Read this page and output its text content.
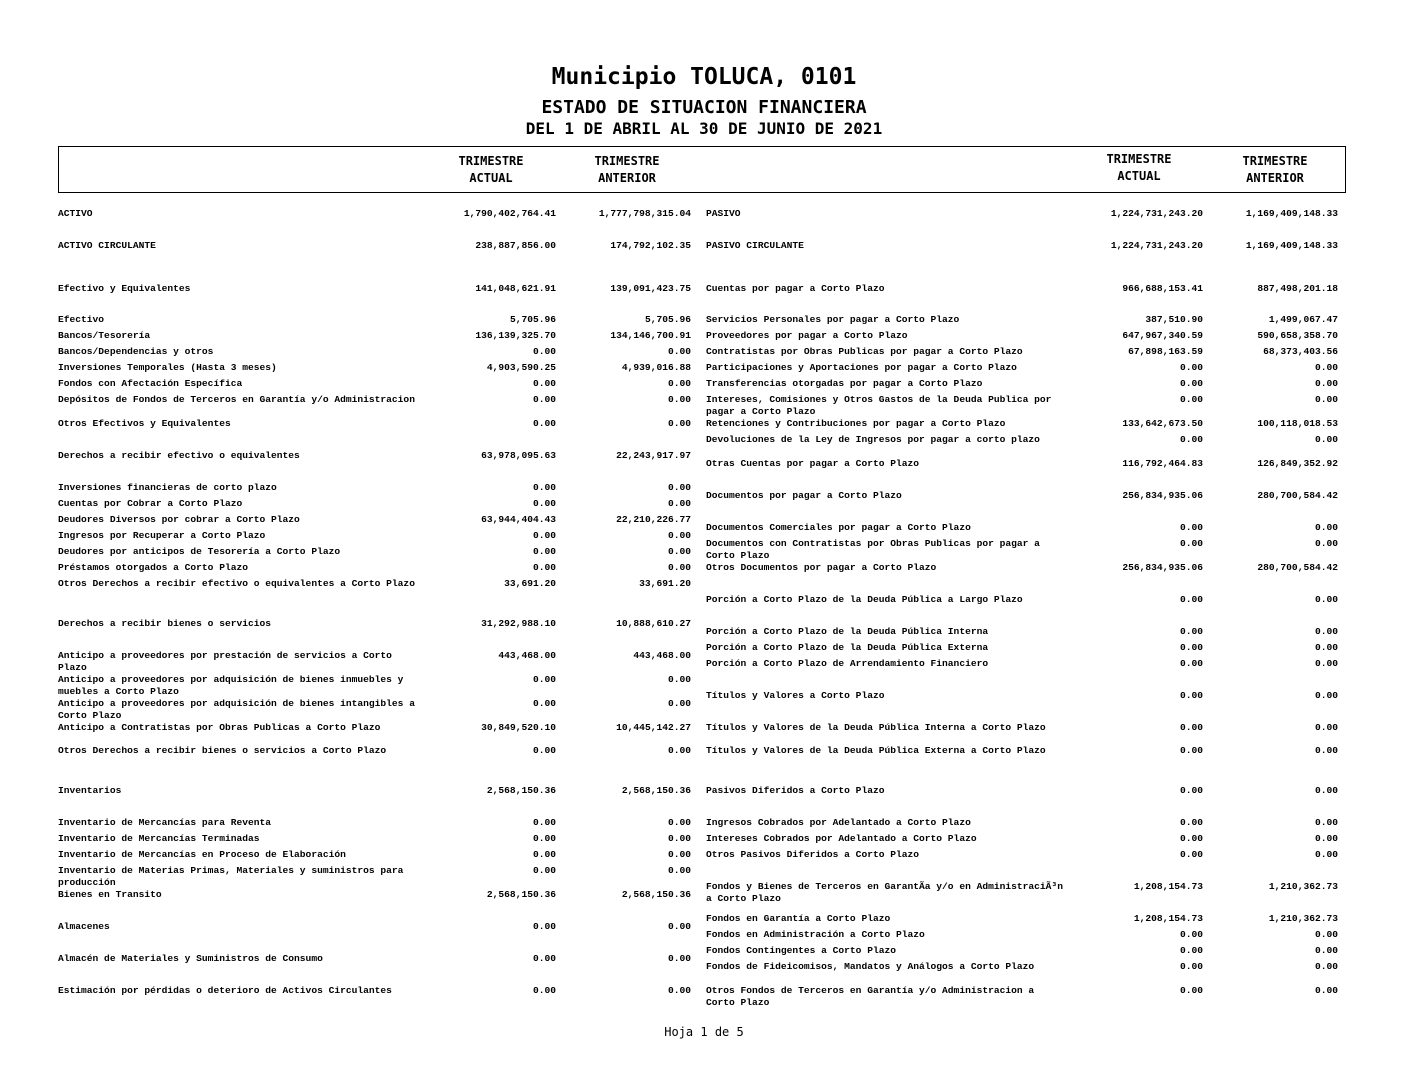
Municipio TOLUCA, 0101
ESTADO DE SITUACION FINANCIERA
DEL 1 DE ABRIL AL 30 DE JUNIO DE 2021
TRIMESTRE
ACTUAL
TRIMESTRE
ANTERIOR
TRIMESTRE
ACTUAL
TRIMESTRE
ANTERIOR
ACTIVO	1,790,402,764.41	1,777,798,315.04
ACTIVO CIRCULANTE	238,887,856.00	174,792,102.35
Efectivo y Equivalentes	141,048,621.91	139,091,423.75
Efectivo	5,705.96	5,705.96
Bancos/Tesorería	136,139,325.70	134,146,700.91
Bancos/Dependencias y otros	0.00	0.00
Inversiones Temporales (Hasta 3 meses)	4,903,590.25	4,939,016.88
Fondos con Afectación Específica	0.00	0.00
Depósitos de Fondos de Terceros en Garantía y/o Administracion	0.00	0.00
Otros Efectivos y Equivalentes	0.00	0.00
Derechos a recibir efectivo o equivalentes	63,978,095.63	22,243,917.97
Inversiones financieras de corto plazo	0.00	0.00
Cuentas por Cobrar a Corto Plazo	0.00	0.00
Deudores Diversos por cobrar a Corto Plazo	63,944,404.43	22,210,226.77
Ingresos por Recuperar a Corto Plazo	0.00	0.00
Deudores por anticipos de Tesorería a Corto Plazo	0.00	0.00
Préstamos otorgados a Corto Plazo	0.00	0.00
Otros Derechos a recibir efectivo o equivalentes a Corto Plazo	33,691.20	33,691.20
Derechos a recibir bienes o servicios	31,292,988.10	10,888,610.27
Anticipo a proveedores por prestación de servicios a Corto Plazo
443,468.00	443,468.00
Anticipo a proveedores por adquisición de bienes inmuebles y muebles a Corto Plazo
0.00	0.00
Anticipo a proveedores por adquisición de bienes intangibles a Corto Plazo
0.00	0.00
Anticipo a Contratistas por Obras Publicas a Corto Plazo	30,849,520.10	10,445,142.27
Otros Derechos a recibir bienes o servicios a Corto Plazo	0.00	0.00
Inventarios	2,568,150.36	2,568,150.36
Inventario de Mercancías para Reventa	0.00	0.00
Inventario de Mercancías Terminadas	0.00	0.00
Inventario de Mercancías en Proceso de Elaboración	0.00	0.00
Inventario de Materias Primas, Materiales y suministros para producción
0.00	0.00
Bienes en Transito	2,568,150.36	2,568,150.36
Almacenes	0.00	0.00
Almacén de Materiales y Suministros de Consumo	0.00	0.00
Estimación por pérdidas o deterioro de Activos Circulantes	0.00	0.00
PASIVO	1,224,731,243.20	1,169,409,148.33
PASIVO CIRCULANTE	1,224,731,243.20	1,169,409,148.33
Cuentas por pagar a Corto Plazo	966,688,153.41	887,498,201.18
Servicios Personales por pagar a Corto Plazo	387,510.90	1,499,067.47
Proveedores por pagar a Corto Plazo	647,967,340.59	590,658,358.70
Contratistas por Obras Publicas por pagar a Corto Plazo	67,898,163.59	68,373,403.56
Participaciones y Aportaciones por pagar a Corto Plazo	0.00	0.00
Transferencias otorgadas por pagar a Corto Plazo	0.00	0.00
Intereses, Comisiones y Otros Gastos de la Deuda Publica por pagar a Corto Plazo
0.00	0.00
Retenciones y Contribuciones por pagar a Corto Plazo	133,642,673.50	100,118,018.53
Devoluciones de la Ley de Ingresos por pagar a corto plazo	0.00	0.00
Otras Cuentas por pagar a Corto Plazo	116,792,464.83	126,849,352.92
Documentos por pagar a Corto Plazo	256,834,935.06	280,700,584.42
Documentos Comerciales por pagar a Corto Plazo	0.00	0.00
Documentos con Contratistas por Obras Publicas por pagar a Corto Plazo
0.00	0.00
Otros Documentos por pagar a Corto Plazo	256,834,935.06	280,700,584.42
Porción a Corto Plazo de la Deuda Pública a Largo Plazo	0.00	0.00
Porción a Corto Plazo de la Deuda Pública Interna	0.00	0.00
Porción a Corto Plazo de la Deuda Pública Externa	0.00	0.00
Porción a Corto Plazo de Arrendamiento Financiero	0.00	0.00
Títulos y Valores a Corto Plazo	0.00	0.00
Títulos y Valores de la Deuda Pública Interna a Corto Plazo	0.00	0.00
Títulos y Valores de la Deuda Pública Externa a Corto Plazo	0.00	0.00
Pasivos Diferidos a Corto Plazo	0.00	0.00
Ingresos Cobrados por Adelantado a Corto Plazo	0.00	0.00
Intereses Cobrados por Adelantado a Corto Plazo	0.00	0.00
Otros Pasivos Diferidos a Corto Plazo	0.00	0.00
Fondos y Bienes de Terceros en GarantÃa y/o en AdministraciÃ³n a Corto Plazo
1,208,154.73	1,210,362.73
Fondos en Garantía a Corto Plazo	1,208,154.73	1,210,362.73
Fondos en Administración a Corto Plazo	0.00	0.00
Fondos Contingentes a Corto Plazo	0.00	0.00
Fondos de Fideicomisos, Mandatos y Análogos a Corto Plazo	0.00	0.00
Otros Fondos de Terceros en Garantía y/o Administracion a Corto Plazo
0.00	0.00
Hoja 1 de 5
